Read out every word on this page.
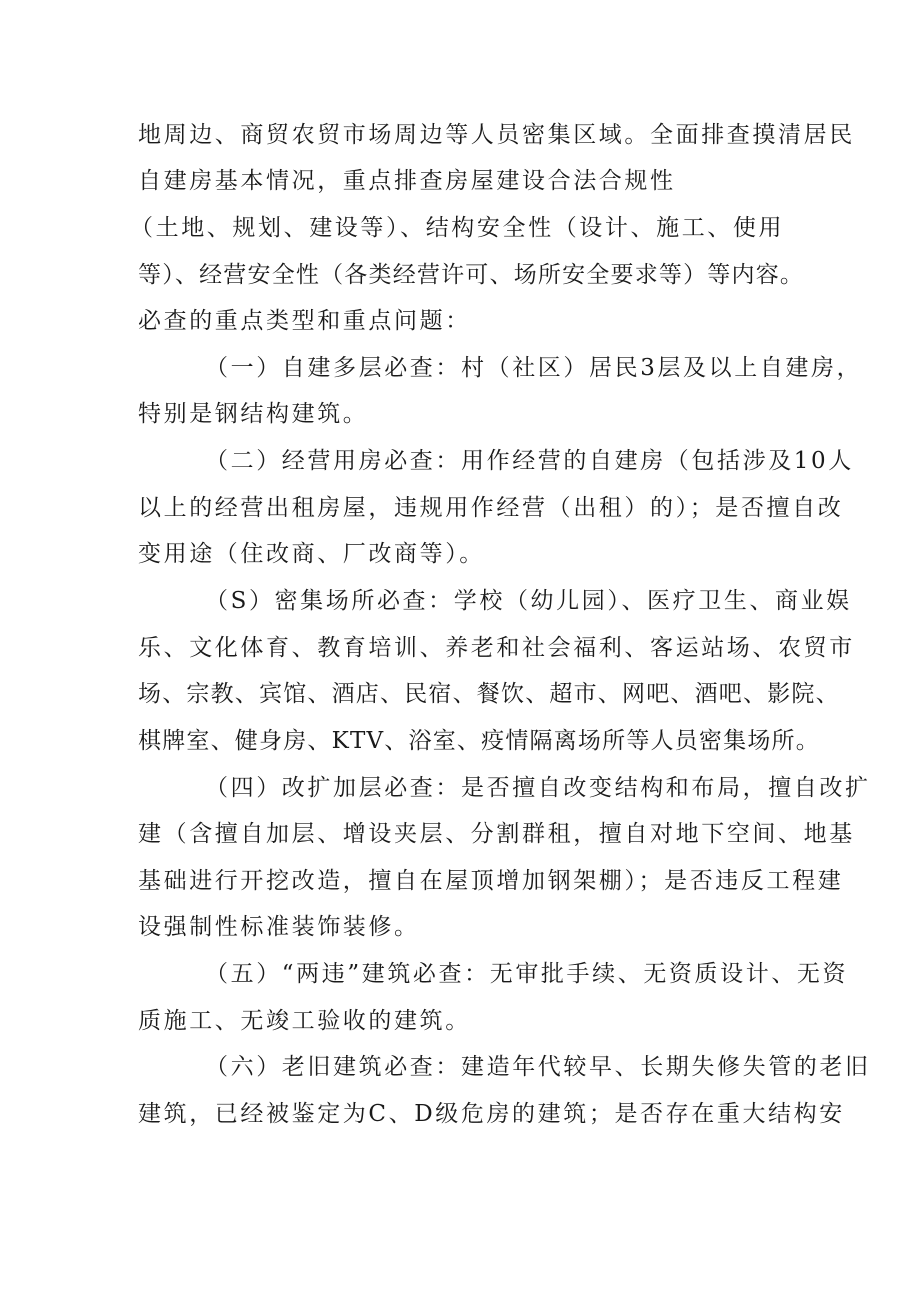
地周边、商贸农贸市场周边等人员密集区域。全面排查摸清居民
自建房基本情况，重点排查房屋建设合法合规性
（土地、规划、建设等）、结构安全性（设计、施工、使用
等）、经营安全性（各类经营许可、场所安全要求等）等内容。
必查的重点类型和重点问题：
（一）自建多层必查：村（社区）居民3层及以上自建房，
特别是钢结构建筑。
（二）经营用房必查：用作经营的自建房（包括涉及10人
以上的经营出租房屋，违规用作经营（出租）的）；是否擅自改
变用途（住改商、厂改商等）。
（S）密集场所必查：学校（幼儿园）、医疗卫生、商业娱
乐、文化体育、教育培训、养老和社会福利、客运站场、农贸市
场、宗教、宾馆、酒店、民宿、餐饮、超市、网吧、酒吧、影院、
棋牌室、健身房、KTV、浴室、疫情隔离场所等人员密集场所。
（四）改扩加层必查：是否擅自改变结构和布局，擅自改扩
建（含擅自加层、增设夹层、分割群租，擅自对地下空间、地基
基础进行开挖改造，擅自在屋顶增加钢架棚）；是否违反工程建
设强制性标准装饰装修。
（五）“两违”建筑必查：无审批手续、无资质设计、无资
质施工、无竣工验收的建筑。
（六）老旧建筑必查：建造年代较早、长期失修失管的老旧
建筑，已经被鉴定为C、D级危房的建筑；是否存在重大结构安
